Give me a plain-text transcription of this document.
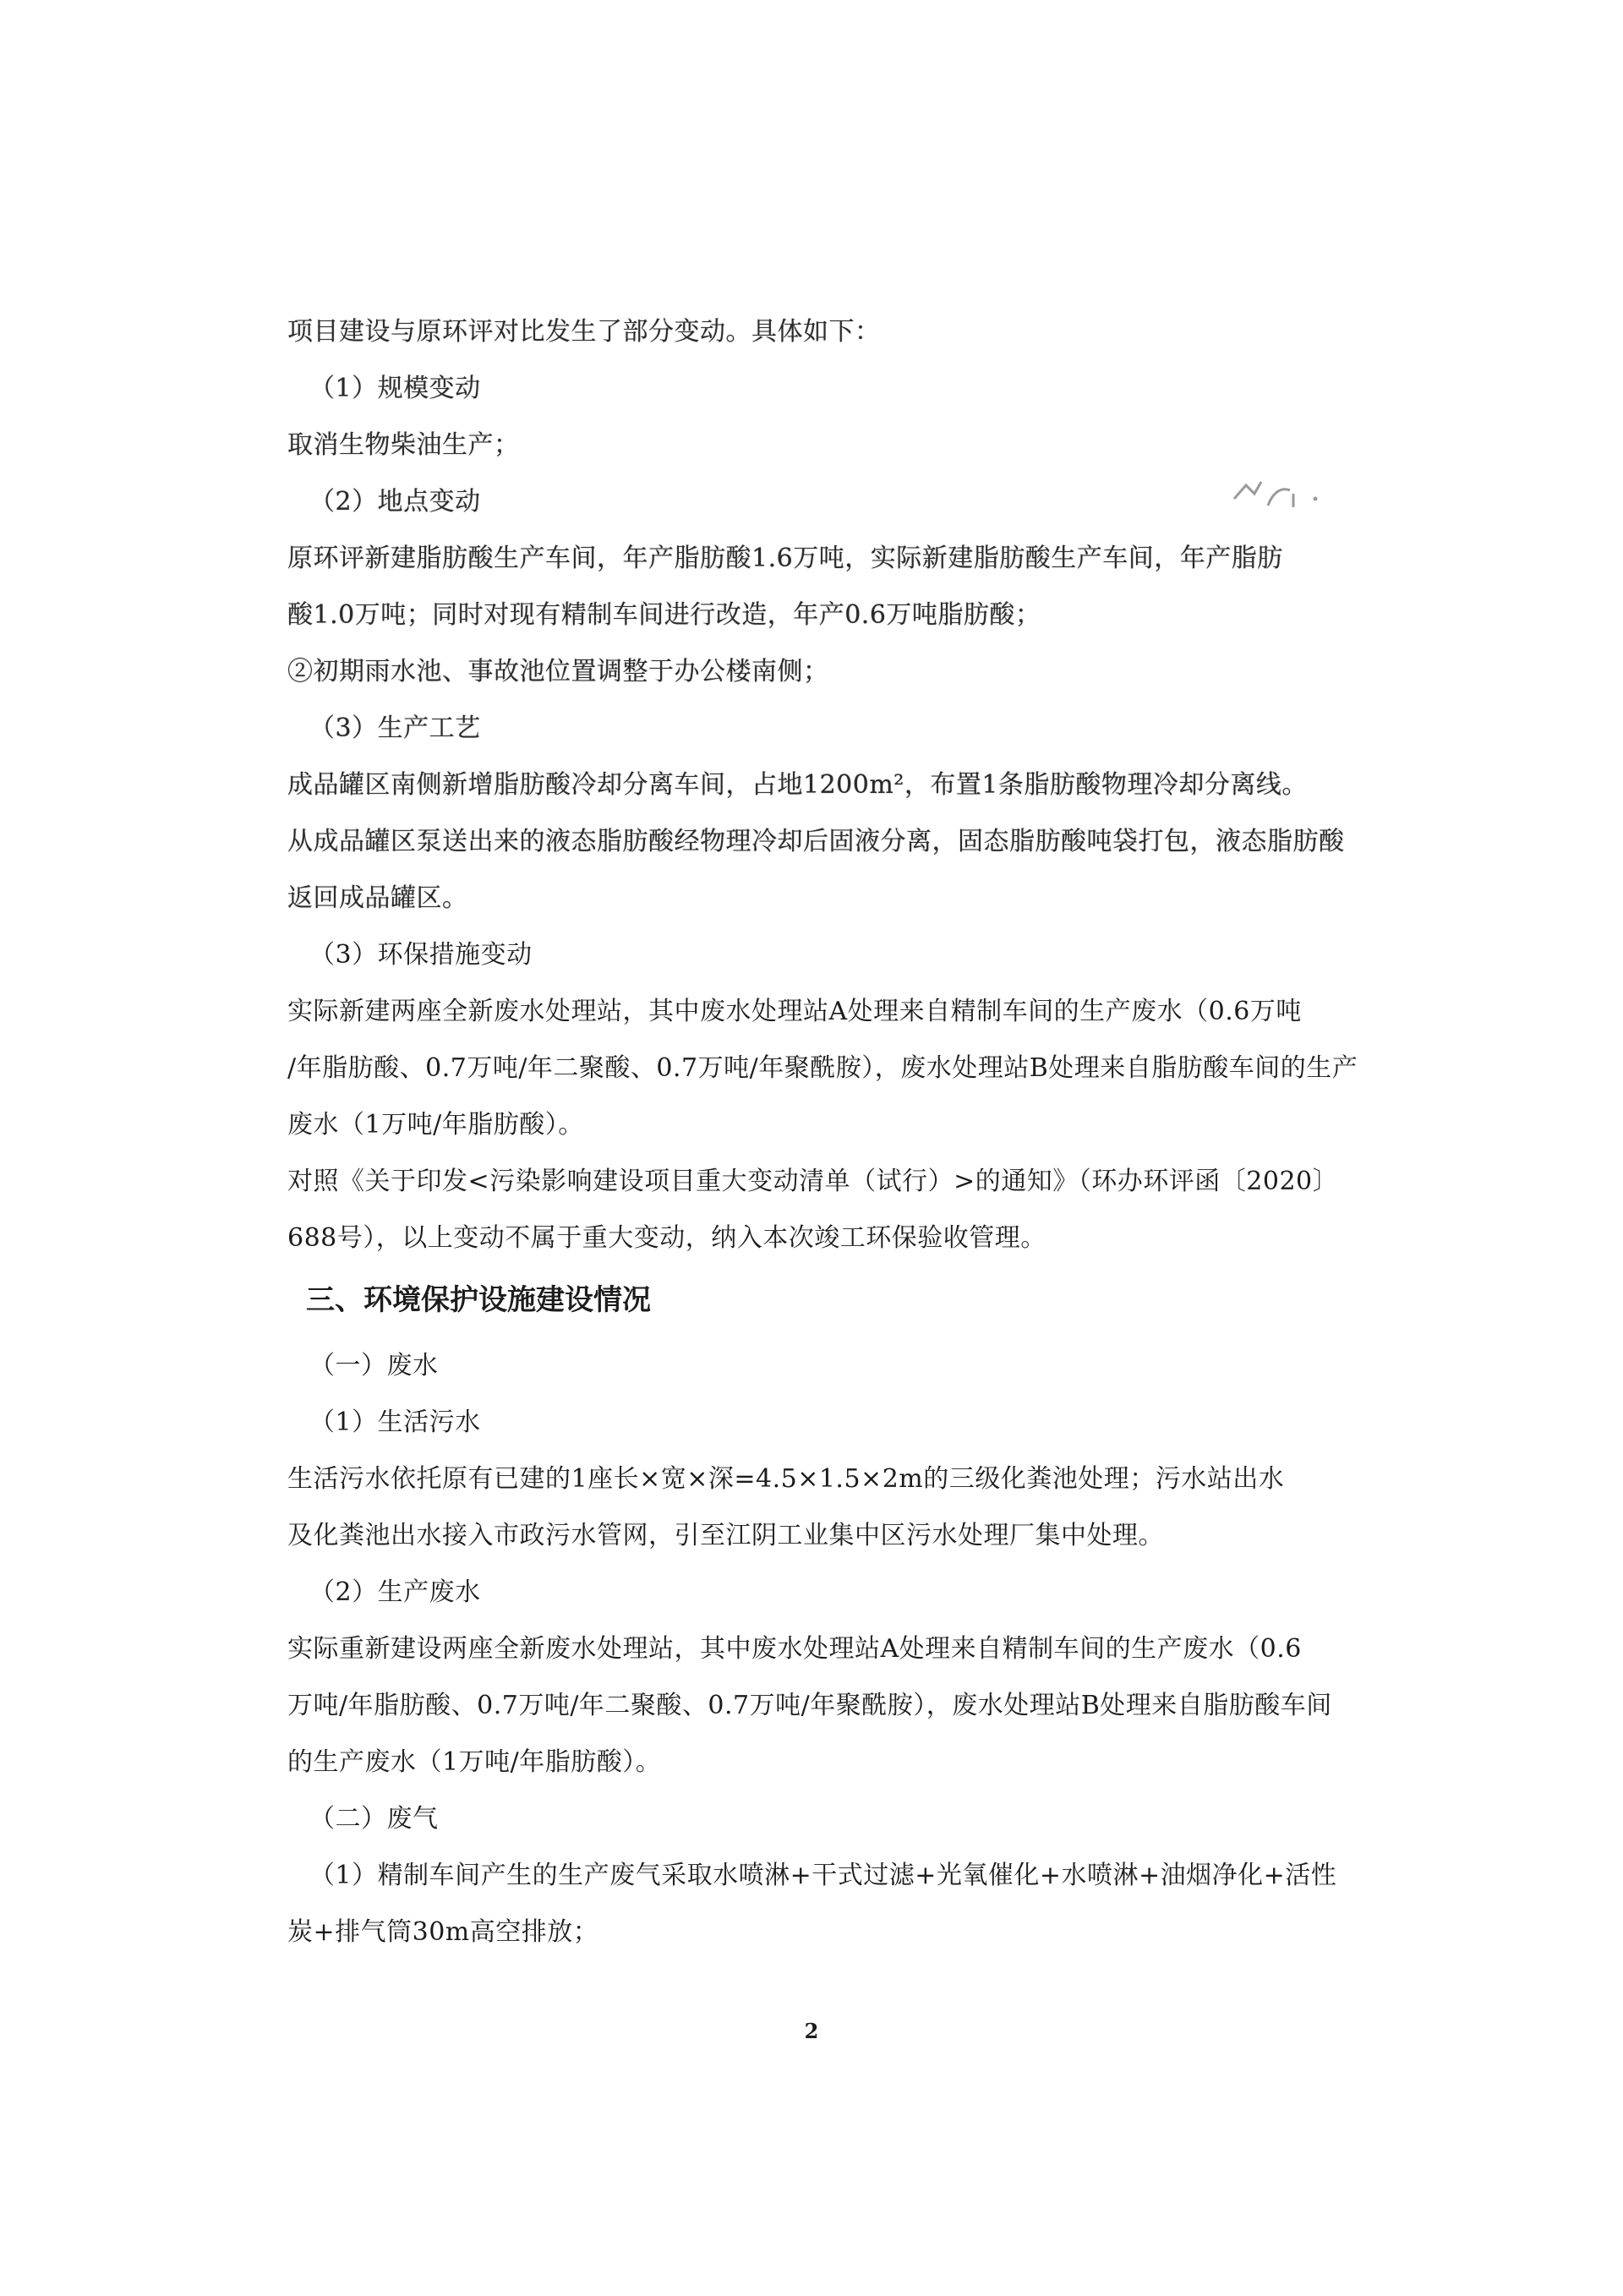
项目建设与原环评对比发生了部分变动。具体如下：
（1）规模变动
取消生物柴油生产；
（2）地点变动
原环评新建脂肪酸生产车间，年产脂肪酸1.6万吨，实际新建脂肪酸生产车间，年产脂肪
酸1.0万吨；同时对现有精制车间进行改造，年产0.6万吨脂肪酸；
②初期雨水池、事故池位置调整于办公楼南侧；
（3）生产工艺
成品罐区南侧新增脂肪酸冷却分离车间，占地1200m²，布置1条脂肪酸物理冷却分离线。
从成品罐区泵送出来的液态脂肪酸经物理冷却后固液分离，固态脂肪酸吨袋打包，液态脂肪酸
返回成品罐区。
（3）环保措施变动
实际新建两座全新废水处理站，其中废水处理站A处理来自精制车间的生产废水（0.6万吨
/年脂肪酸、0.7万吨/年二聚酸、0.7万吨/年聚酰胺），废水处理站B处理来自脂肪酸车间的生产
废水（1万吨/年脂肪酸）。
对照《关于印发<污染影响建设项目重大变动清单（试行）>的通知》（环办环评函〔2020〕
688号），以上变动不属于重大变动，纳入本次竣工环保验收管理。
三、环境保护设施建设情况
（一）废水
（1）生活污水
生活污水依托原有已建的1座长×宽×深=4.5×1.5×2m的三级化粪池处理；污水站出水
及化粪池出水接入市政污水管网，引至江阴工业集中区污水处理厂集中处理。
（2）生产废水
实际重新建设两座全新废水处理站，其中废水处理站A处理来自精制车间的生产废水（0.6
万吨/年脂肪酸、0.7万吨/年二聚酸、0.7万吨/年聚酰胺），废水处理站B处理来自脂肪酸车间
的生产废水（1万吨/年脂肪酸）。
（二）废气
（1）精制车间产生的生产废气采取水喷淋+干式过滤+光氧催化+水喷淋+油烟净化+活性
炭+排气筒30m高空排放；
2
